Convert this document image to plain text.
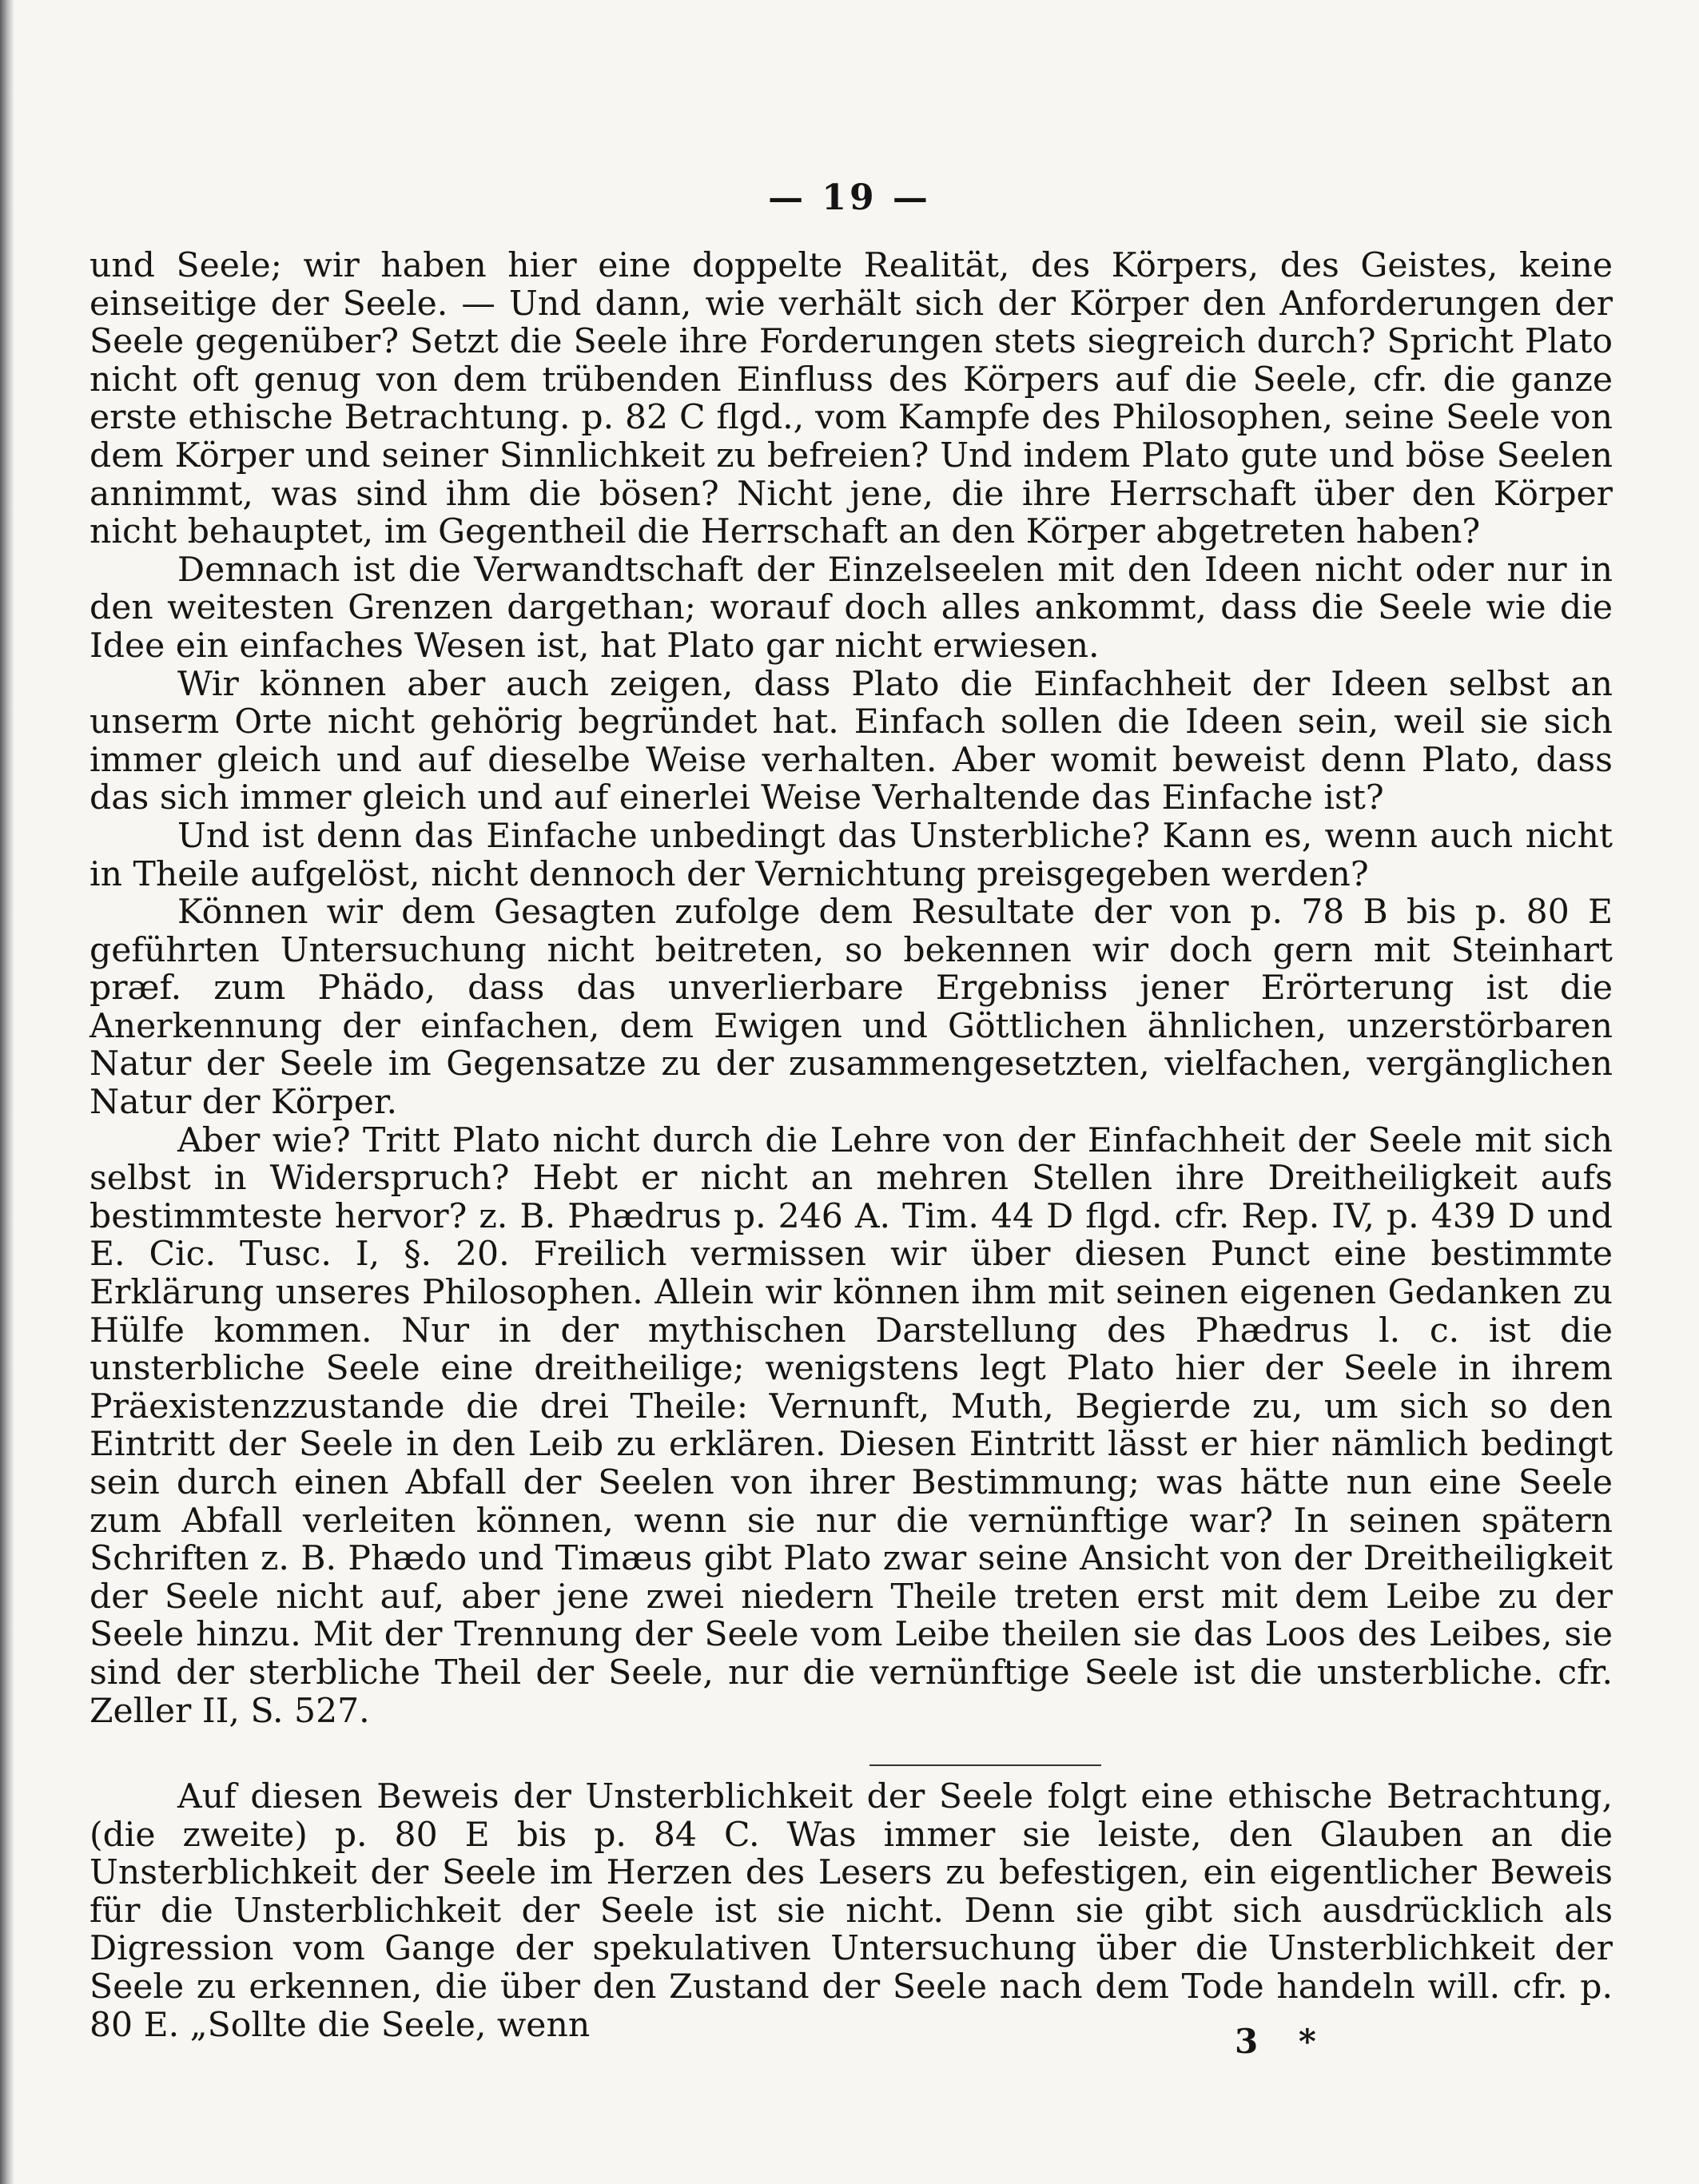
— 19 —

und Seele; wir haben hier eine doppelte Realität, des Körpers, des Geistes, keine einseitige der Seele. — Und dann, wie verhält sich der Körper den Anforderungen der Seele gegenüber? Setzt die Seele ihre Forderungen stets siegreich durch? Spricht Plato nicht oft genug von dem trübenden Einfluss des Körpers auf die Seele, cfr. die ganze erste ethische Betrachtung. p. 82 C flgd., vom Kampfe des Philosophen, seine Seele von dem Körper und seiner Sinnlichkeit zu befreien? Und indem Plato gute und böse Seelen annimmt, was sind ihm die bösen? Nicht jene, die ihre Herrschaft über den Körper nicht behauptet, im Gegentheil die Herrschaft an den Körper abgetreten haben?

Demnach ist die Verwandtschaft der Einzelseelen mit den Ideen nicht oder nur in den weitesten Grenzen dargethan; worauf doch alles ankommt, dass die Seele wie die Idee ein einfaches Wesen ist, hat Plato gar nicht erwiesen.

Wir können aber auch zeigen, dass Plato die Einfachheit der Ideen selbst an unserm Orte nicht gehörig begründet hat. Einfach sollen die Ideen sein, weil sie sich immer gleich und auf dieselbe Weise verhalten. Aber womit beweist denn Plato, dass das sich immer gleich und auf einerlei Weise Verhaltende das Einfache ist?

Und ist denn das Einfache unbedingt das Unsterbliche? Kann es, wenn auch nicht in Theile aufgelöst, nicht dennoch der Vernichtung preisgegeben werden?

Können wir dem Gesagten zufolge dem Resultate der von p. 78 B bis p. 80 E geführten Untersuchung nicht beitreten, so bekennen wir doch gern mit Steinhart præf. zum Phädo, dass das unverlierbare Ergebniss jener Erörterung ist die Anerkennung der einfachen, dem Ewigen und Göttlichen ähnlichen, unzerstörbaren Natur der Seele im Gegensatze zu der zusammengesetzten, vielfachen, vergänglichen Natur der Körper.

Aber wie? Tritt Plato nicht durch die Lehre von der Einfachheit der Seele mit sich selbst in Widerspruch? Hebt er nicht an mehren Stellen ihre Dreitheiligkeit aufs bestimmteste hervor? z. B. Phædrus p. 246 A. Tim. 44 D flgd. cfr. Rep. IV, p. 439 D und E. Cic. Tusc. I, §. 20. Freilich vermissen wir über diesen Punct eine bestimmte Erklärung unseres Philosophen. Allein wir können ihm mit seinen eigenen Gedanken zu Hülfe kommen. Nur in der mythischen Darstellung des Phædrus l. c. ist die unsterbliche Seele eine dreitheilige; wenigstens legt Plato hier der Seele in ihrem Präexistenzzustande die drei Theile: Vernunft, Muth, Begierde zu, um sich so den Eintritt der Seele in den Leib zu erklären. Diesen Eintritt lässt er hier nämlich bedingt sein durch einen Abfall der Seelen von ihrer Bestimmung; was hätte nun eine Seele zum Abfall verleiten können, wenn sie nur die vernünftige war? In seinen spätern Schriften z. B. Phædo und Timæus gibt Plato zwar seine Ansicht von der Dreitheiligkeit der Seele nicht auf, aber jene zwei niedern Theile treten erst mit dem Leibe zu der Seele hinzu. Mit der Trennung der Seele vom Leibe theilen sie das Loos des Leibes, sie sind der sterbliche Theil der Seele, nur die vernünftige Seele ist die unsterbliche. cfr. Zeller II, S. 527.

Auf diesen Beweis der Unsterblichkeit der Seele folgt eine ethische Betrachtung, (die zweite) p. 80 E bis p. 84 C. Was immer sie leiste, den Glauben an die Unsterblichkeit der Seele im Herzen des Lesers zu befestigen, ein eigentlicher Beweis für die Unsterblichkeit der Seele ist sie nicht. Denn sie gibt sich ausdrücklich als Digression vom Gange der spekulativen Untersuchung über die Unsterblichkeit der Seele zu erkennen, die über den Zustand der Seele nach dem Tode handeln will. cfr. p. 80 E. „Sollte die Seele, wenn	3 *
